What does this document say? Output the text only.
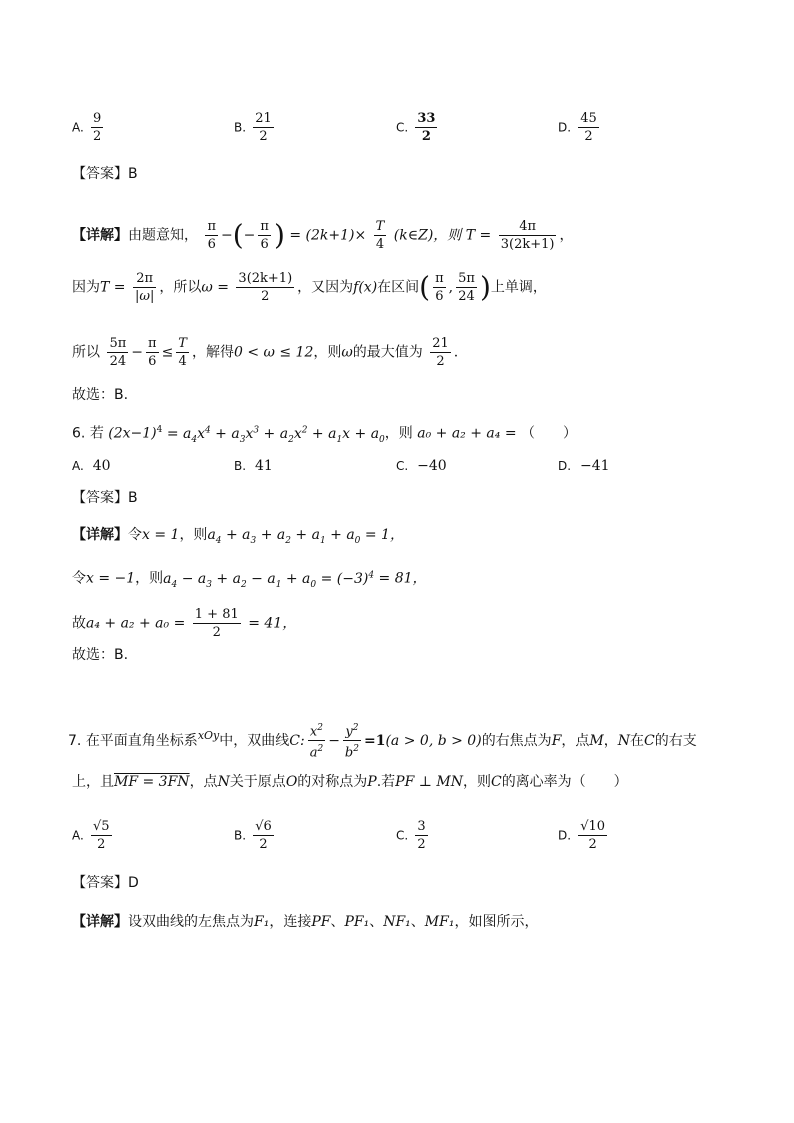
A. $\frac{9}{2}$	B. $\frac{21}{2}$	C. $\frac{33}{2}$	D. $\frac{45}{2}$
【答案】B
【详解】由题意知， $\frac{\pi}{6}$ −(− $\frac{\pi}{6}$ ) = $(2k+1)\times \frac{T}{4}$ (k∈Z)，则 $T = \frac{4\pi}{3(2k+1)}$ ，
因为$T = \frac{2\pi}{|\omega|}$ ，所以$\omega = \frac{3(2k+1)}{2}$ ，又因为f(x)在区间( $\frac{\pi}{6}$ , $\frac{5\pi}{24}$ )上单调，
所以 $\frac{5\pi}{24} - \frac{\pi}{6} \le \frac{T}{4}$ ，解得0 < ω ≤ 12，则ω的最大值为 $\frac{21}{2}$ .
故选：B.
6. 若 $(2x-1)^4 = a_4x^4 + a_3x^3 + a_2x^2 + a_1x + a_0$，则 a₀ + a₂ + a₄ = （　　）
A. 40	B. 41	C. −40	D. −41
【答案】B
【详解】令x = 1，则$a_4 + a_3 + a_2 + a_1 + a_0 = 1$，
令x = −1，则$a_4 - a_3 + a_2 - a_1 + a_0 = (-3)^4 = 81$，
故$a_4 + a_2 + a_0 = \frac{1 + 81}{2} = 41$，
故选：B.
7. 在平面直角坐标系$^{xOy}$中，双曲线C: $\frac{x^2}{a^2} - \frac{y^2}{b^2} =1(a > 0$, b > 0)的右焦点为F，点M，N在C的右支
上，且MF = 3FN，点N关于原点O的对称点为P.若PF ⊥ MN，则C的离心率为（　　）
A. $\frac{√5}{2}$	B. $\frac{√6}{2}$	C. $\frac{3}{2}$	D. $\frac{√10}{2}$
【答案】D
【详解】设双曲线的左焦点为F₁，连接PF、PF₁、NF₁、MF₁，如图所示，
